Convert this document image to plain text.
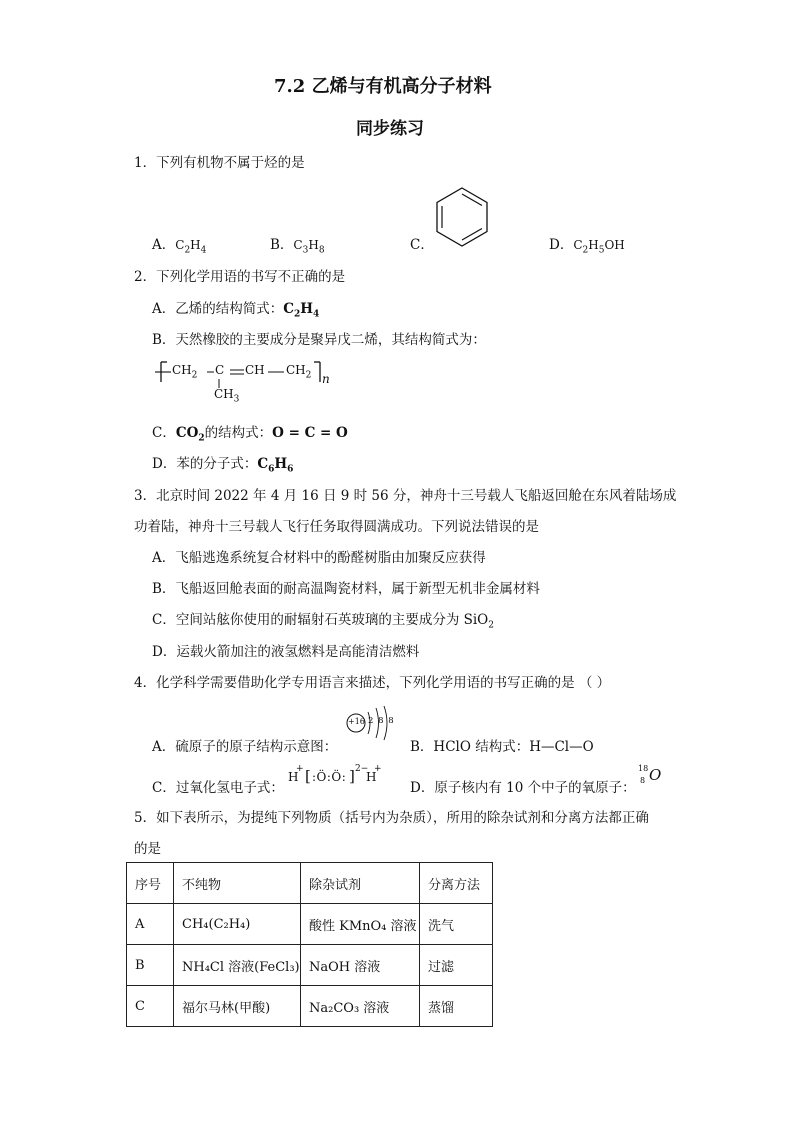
7.2 乙烯与有机高分子材料
同步练习
1．下列有机物不属于烃的是
A．$C_2H_4$	B．$C_3H_8$	C．	D．$C_2H_5OH$
2．下列化学用语的书写不正确的是
A．乙烯的结构简式：$C_2H_4$
B．天然橡胶的主要成分是聚异戊二烯，其结构简式为：
$CH_2$ C CH $CH_2$
$CH_3$
n
C．$CO_2$的结构式：O = C = O
D．苯的分子式：$C_6H_6$
3．北京时间 2022 年 4 月 16 日 9 时 56 分，神舟十三号载人飞船返回舱在东风着陆场成
功着陆，神舟十三号载人飞行任务取得圆满成功。下列说法错误的是
A．飞船逃逸系统复合材料中的酚醛树脂由加聚反应获得
B．飞船返回舱表面的耐高温陶瓷材料，属于新型无机非金属材料
C．空间站舷你使用的耐辐射石英玻璃的主要成分为 SiO$_2$
D．运载火箭加注的液氢燃料是高能清洁燃料
4．化学科学需要借助化学专用语言来描述，下列化学用语的书写正确的是 （ ）
A．硫原子的原子结构示意图：
+16 2 8 8
B．HClO 结构式：H—Cl—O
C．过氧化氢电子式：
H
+ [ :Ö:Ö: ] 2−
H
+
D．原子核内有 10 个中子的氧原子：
18
8 O
5．如下表所示，为提纯下列物质（括号内为杂质），所用的除杂试剂和分离方法都正确
的是
序号	不纯物	除杂试剂	分离方法
A	CH₄(C₂H₄)	酸性 KMnO₄ 溶液	洗气
B	NH₄Cl 溶液(FeCl₃)	NaOH 溶液	过滤
C	福尔马林(甲酸)	Na₂CO₃ 溶液	蒸馏
